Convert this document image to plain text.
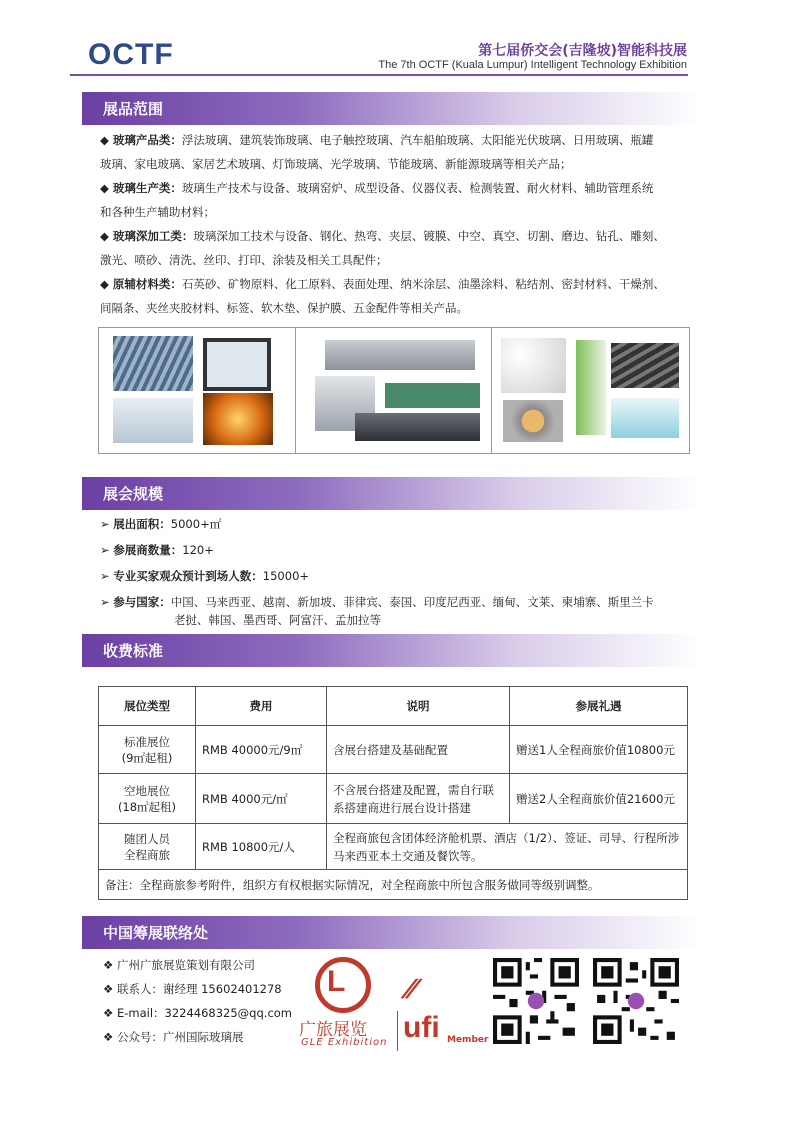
OCTF	第七届侨交会(吉隆坡)智能科技展
The 7th OCTF (Kuala Lumpur) Intelligent Technology Exhibition
展品范围
◆ 玻璃产品类：浮法玻璃、建筑装饰玻璃、电子触控玻璃、汽车船舶玻璃、太阳能光伏玻璃、日用玻璃、瓶罐
玻璃、家电玻璃、家居艺术玻璃、灯饰玻璃、光学玻璃、节能玻璃、新能源玻璃等相关产品；
◆ 玻璃生产类：玻璃生产技术与设备、玻璃窑炉、成型设备、仪器仪表、检测装置、耐火材料、辅助管理系统
和各种生产辅助材料；
◆ 玻璃深加工类：玻璃深加工技术与设备、钢化、热弯、夹层、镀膜、中空、真空、切割、磨边、钻孔、雕刻、
激光、喷砂、清洗、丝印、打印、涂装及相关工具配件；
◆ 原辅材料类：石英砂、矿物原料、化工原料、表面处理、纳米涂层、油墨涂料、粘结剂、密封材料、干燥剂、
间隔条、夹丝夹胶材料、标签、软木垫、保护膜、五金配件等相关产品。
展会规模
➢ 展出面积：5000+㎡
➢ 参展商数量：120+
➢ 专业买家观众预计到场人数：15000+
➢ 参与国家：中国、马来西亚、越南、新加坡、菲律宾、泰国、印度尼西亚、缅甸、文莱、柬埔寨、斯里兰卡
老挝、韩国、墨西哥、阿富汗、孟加拉等
收费标准
展位类型	费用	说明	参展礼遇

标准展位
(9㎡起租)	RMB 40000元/9㎡	含展台搭建及基础配置	赠送1人全程商旅价值10800元

空地展位
(18㎡起租)	RMB 4000元/㎡	不含展台搭建及配置，需自行联系搭建商进行展台设计搭建	赠送2人全程商旅价值21600元

随团人员
全程商旅	RMB 10800元/人	全程商旅包含团体经济舱机票、酒店（1/2）、签证、司导、行程所涉马来西亚本土交通及餐饮等。	
备注：全程商旅参考附件，组织方有权根据实际情况，对全程商旅中所包含服务做同等级别调整。			
中国筹展联络处
❖ 广州广旅展览策划有限公司
❖ 联系人：谢经理 15602401278
❖ E-mail：3224468325@qq.com
❖ 公众号：广州国际玻璃展
L
广旅展览
GLE Exhibition
⁄⁄
ufi Member
